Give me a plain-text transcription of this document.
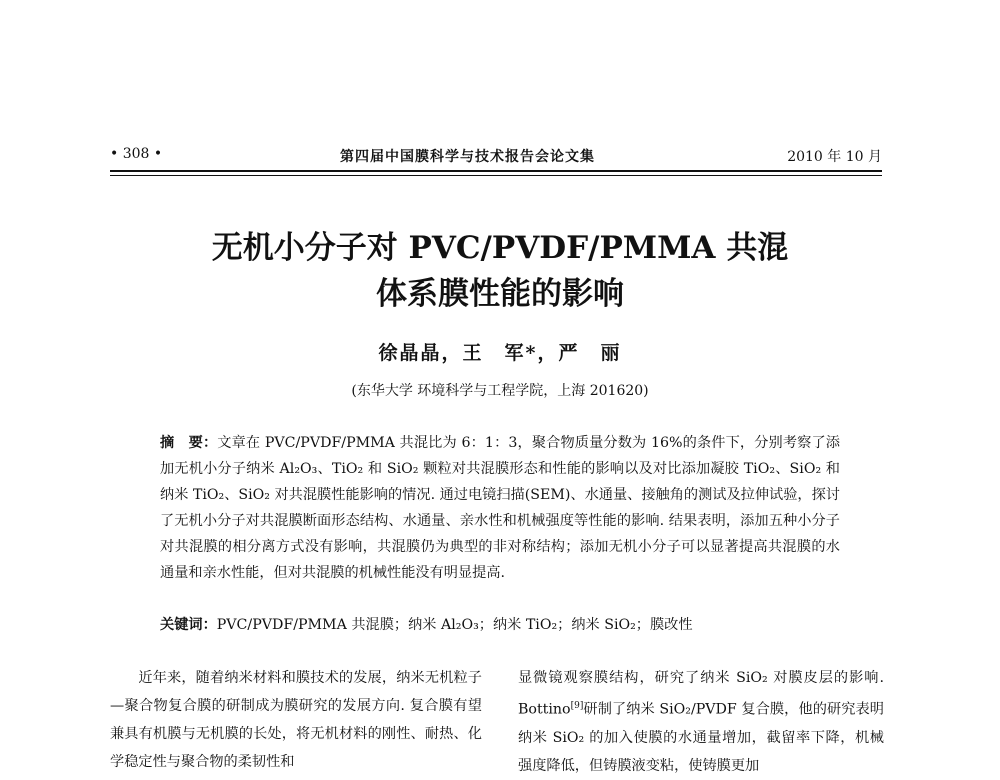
• 308 •	第四届中国膜科学与技术报告会论文集	2010 年 10 月
无机小分子对 PVC/PVDF/PMMA 共混
体系膜性能的影响
徐晶晶，王　军*，严　丽
(东华大学 环境科学与工程学院，上海 201620)
摘　要：文章在 PVC/PVDF/PMMA 共混比为 6：1：3，聚合物质量分数为 16%的条件下，分别考察了添加无机小分子纳米 Al₂O₃、TiO₂ 和 SiO₂ 颗粒对共混膜形态和性能的影响以及对比添加凝胶 TiO₂、SiO₂ 和纳米 TiO₂、SiO₂ 对共混膜性能影响的情况. 通过电镜扫描(SEM)、水通量、接触角的测试及拉伸试验，探讨了无机小分子对共混膜断面形态结构、水通量、亲水性和机械强度等性能的影响. 结果表明，添加五种小分子对共混膜的相分离方式没有影响，共混膜仍为典型的非对称结构；添加无机小分子可以显著提高共混膜的水通量和亲水性能，但对共混膜的机械性能没有明显提高.
关键词：PVC/PVDF/PMMA 共混膜；纳米 Al₂O₃；纳米 TiO₂；纳米 SiO₂；膜改性

近年来，随着纳米材料和膜技术的发展，纳米无机粒子—聚合物复合膜的研制成为膜研究的发展方向. 复合膜有望兼具有机膜与无机膜的长处，将无机材料的刚性、耐热、化学稳定性与聚合物的柔韧性和

显微镜观察膜结构，研究了纳米 SiO₂ 对膜皮层的影响. Bottino[9]研制了纳米 SiO₂/PVDF 复合膜，他的研究表明纳米 SiO₂ 的加入使膜的水通量增加，截留率下降，机械强度降低，但铸膜液变粘，使铸膜更加
